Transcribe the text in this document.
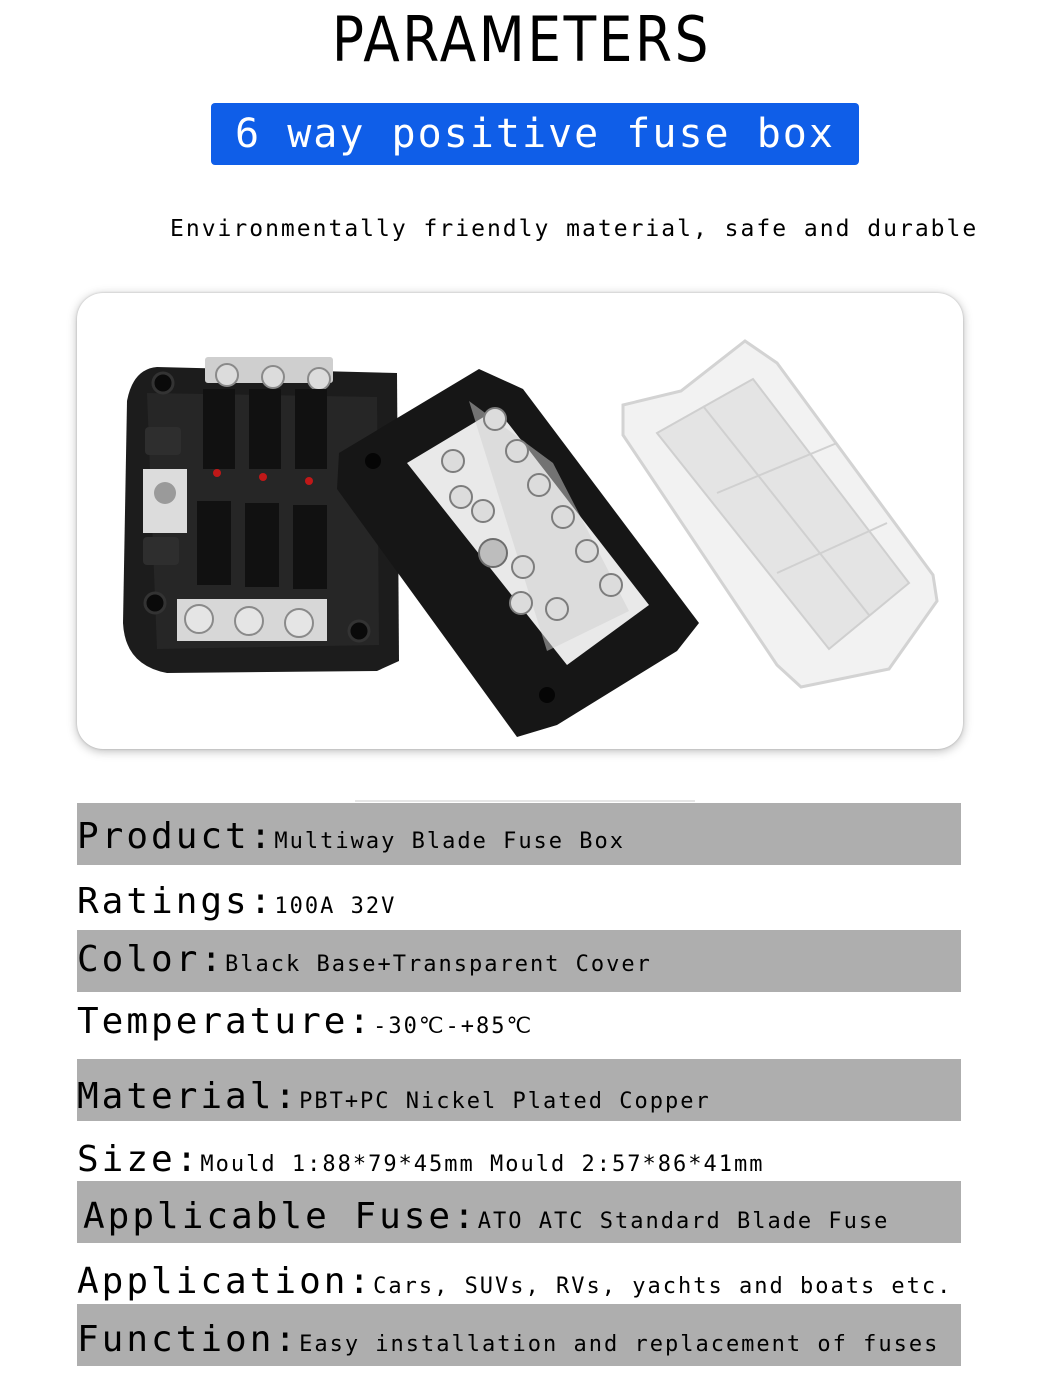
PARAMETERS
6 way positive fuse box
Environmentally friendly material, safe and durable
Product:Multiway Blade Fuse Box
Ratings:100A 32V
Color:Black Base+Transparent Cover
Temperature:-30℃-+85℃
Material:PBT+PC Nickel Plated Copper
Size:Mould 1:88*79*45mm Mould 2:57*86*41mm
Applicable Fuse:ATO ATC Standard Blade Fuse
Application:Cars, SUVs, RVs, yachts and boats etc.
Function:Easy installation and replacement of fuses
